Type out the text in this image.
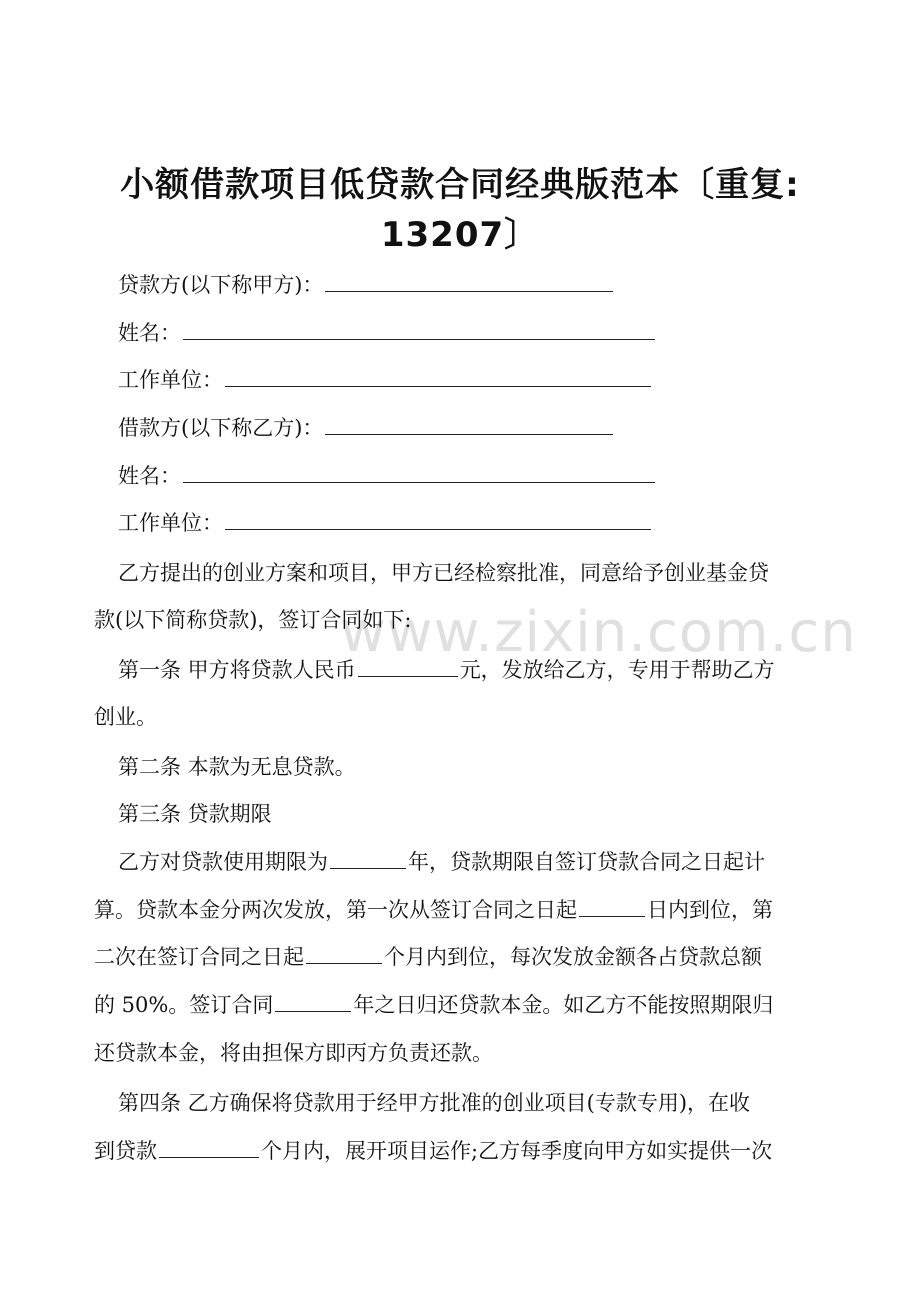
www.zixin.com.cn
小额借款项目低贷款合同经典版范本〔重复:
13207〕
贷款方(以下称甲方)：
姓名：
工作单位：
借款方(以下称乙方)：
姓名：
工作单位：
乙方提出的创业方案和项目，甲方已经检察批准，同意给予创业基金贷
款(以下简称贷款)，签订合同如下:
第一条 甲方将贷款人民币	元，发放给乙方，专用于帮助乙方
创业。
第二条 本款为无息贷款。
第三条 贷款期限
乙方对贷款使用期限为	年，贷款期限自签订贷款合同之日起计
算。贷款本金分两次发放，第一次从签订合同之日起	日内到位，第
二次在签订合同之日起	个月内到位，每次发放金额各占贷款总额
的 50%。签订合同	年之日归还贷款本金。如乙方不能按照期限归
还贷款本金，将由担保方即丙方负责还款。
第四条 乙方确保将贷款用于经甲方批准的创业项目(专款专用)，在收
到贷款	个月内，展开项目运作;乙方每季度向甲方如实提供一次
